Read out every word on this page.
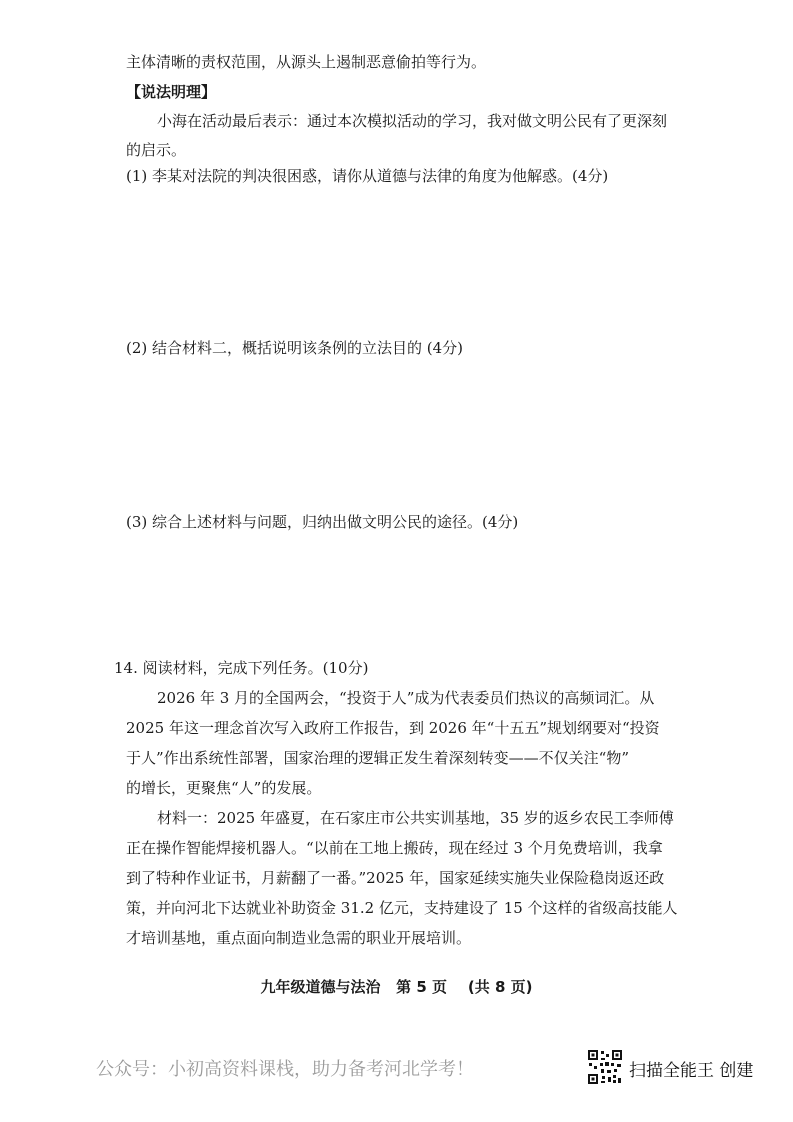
主体清晰的责权范围，从源头上遏制恶意偷拍等行为。
【说法明理】
小海在活动最后表示：通过本次模拟活动的学习，我对做文明公民有了更深刻
的启示。
(1) 李某对法院的判决很困惑，请你从道德与法律的角度为他解惑。(4分)
(2) 结合材料二，概括说明该条例的立法目的 (4分)
(3) 综合上述材料与问题，归纳出做文明公民的途径。(4分)
14. 阅读材料，完成下列任务。(10分)
2026 年 3 月的全国两会，“投资于人”成为代表委员们热议的高频词汇。从
2025 年这一理念首次写入政府工作报告，到 2026 年“十五五”规划纲要对“投资
于人”作出系统性部署，国家治理的逻辑正发生着深刻转变——不仅关注“物”
的增长，更聚焦“人”的发展。
材料一：2025 年盛夏，在石家庄市公共实训基地，35 岁的返乡农民工李师傅
正在操作智能焊接机器人。“以前在工地上搬砖，现在经过 3 个月免费培训，我拿
到了特种作业证书，月薪翻了一番。”2025 年，国家延续实施失业保险稳岗返还政
策，并向河北下达就业补助资金 31.2 亿元，支持建设了 15 个这样的省级高技能人
才培训基地，重点面向制造业急需的职业开展培训。
九年级道德与法治   第 5 页    (共 8 页)
公众号：小初高资料课栈，助力备考河北学考！	扫描全能王 创建
